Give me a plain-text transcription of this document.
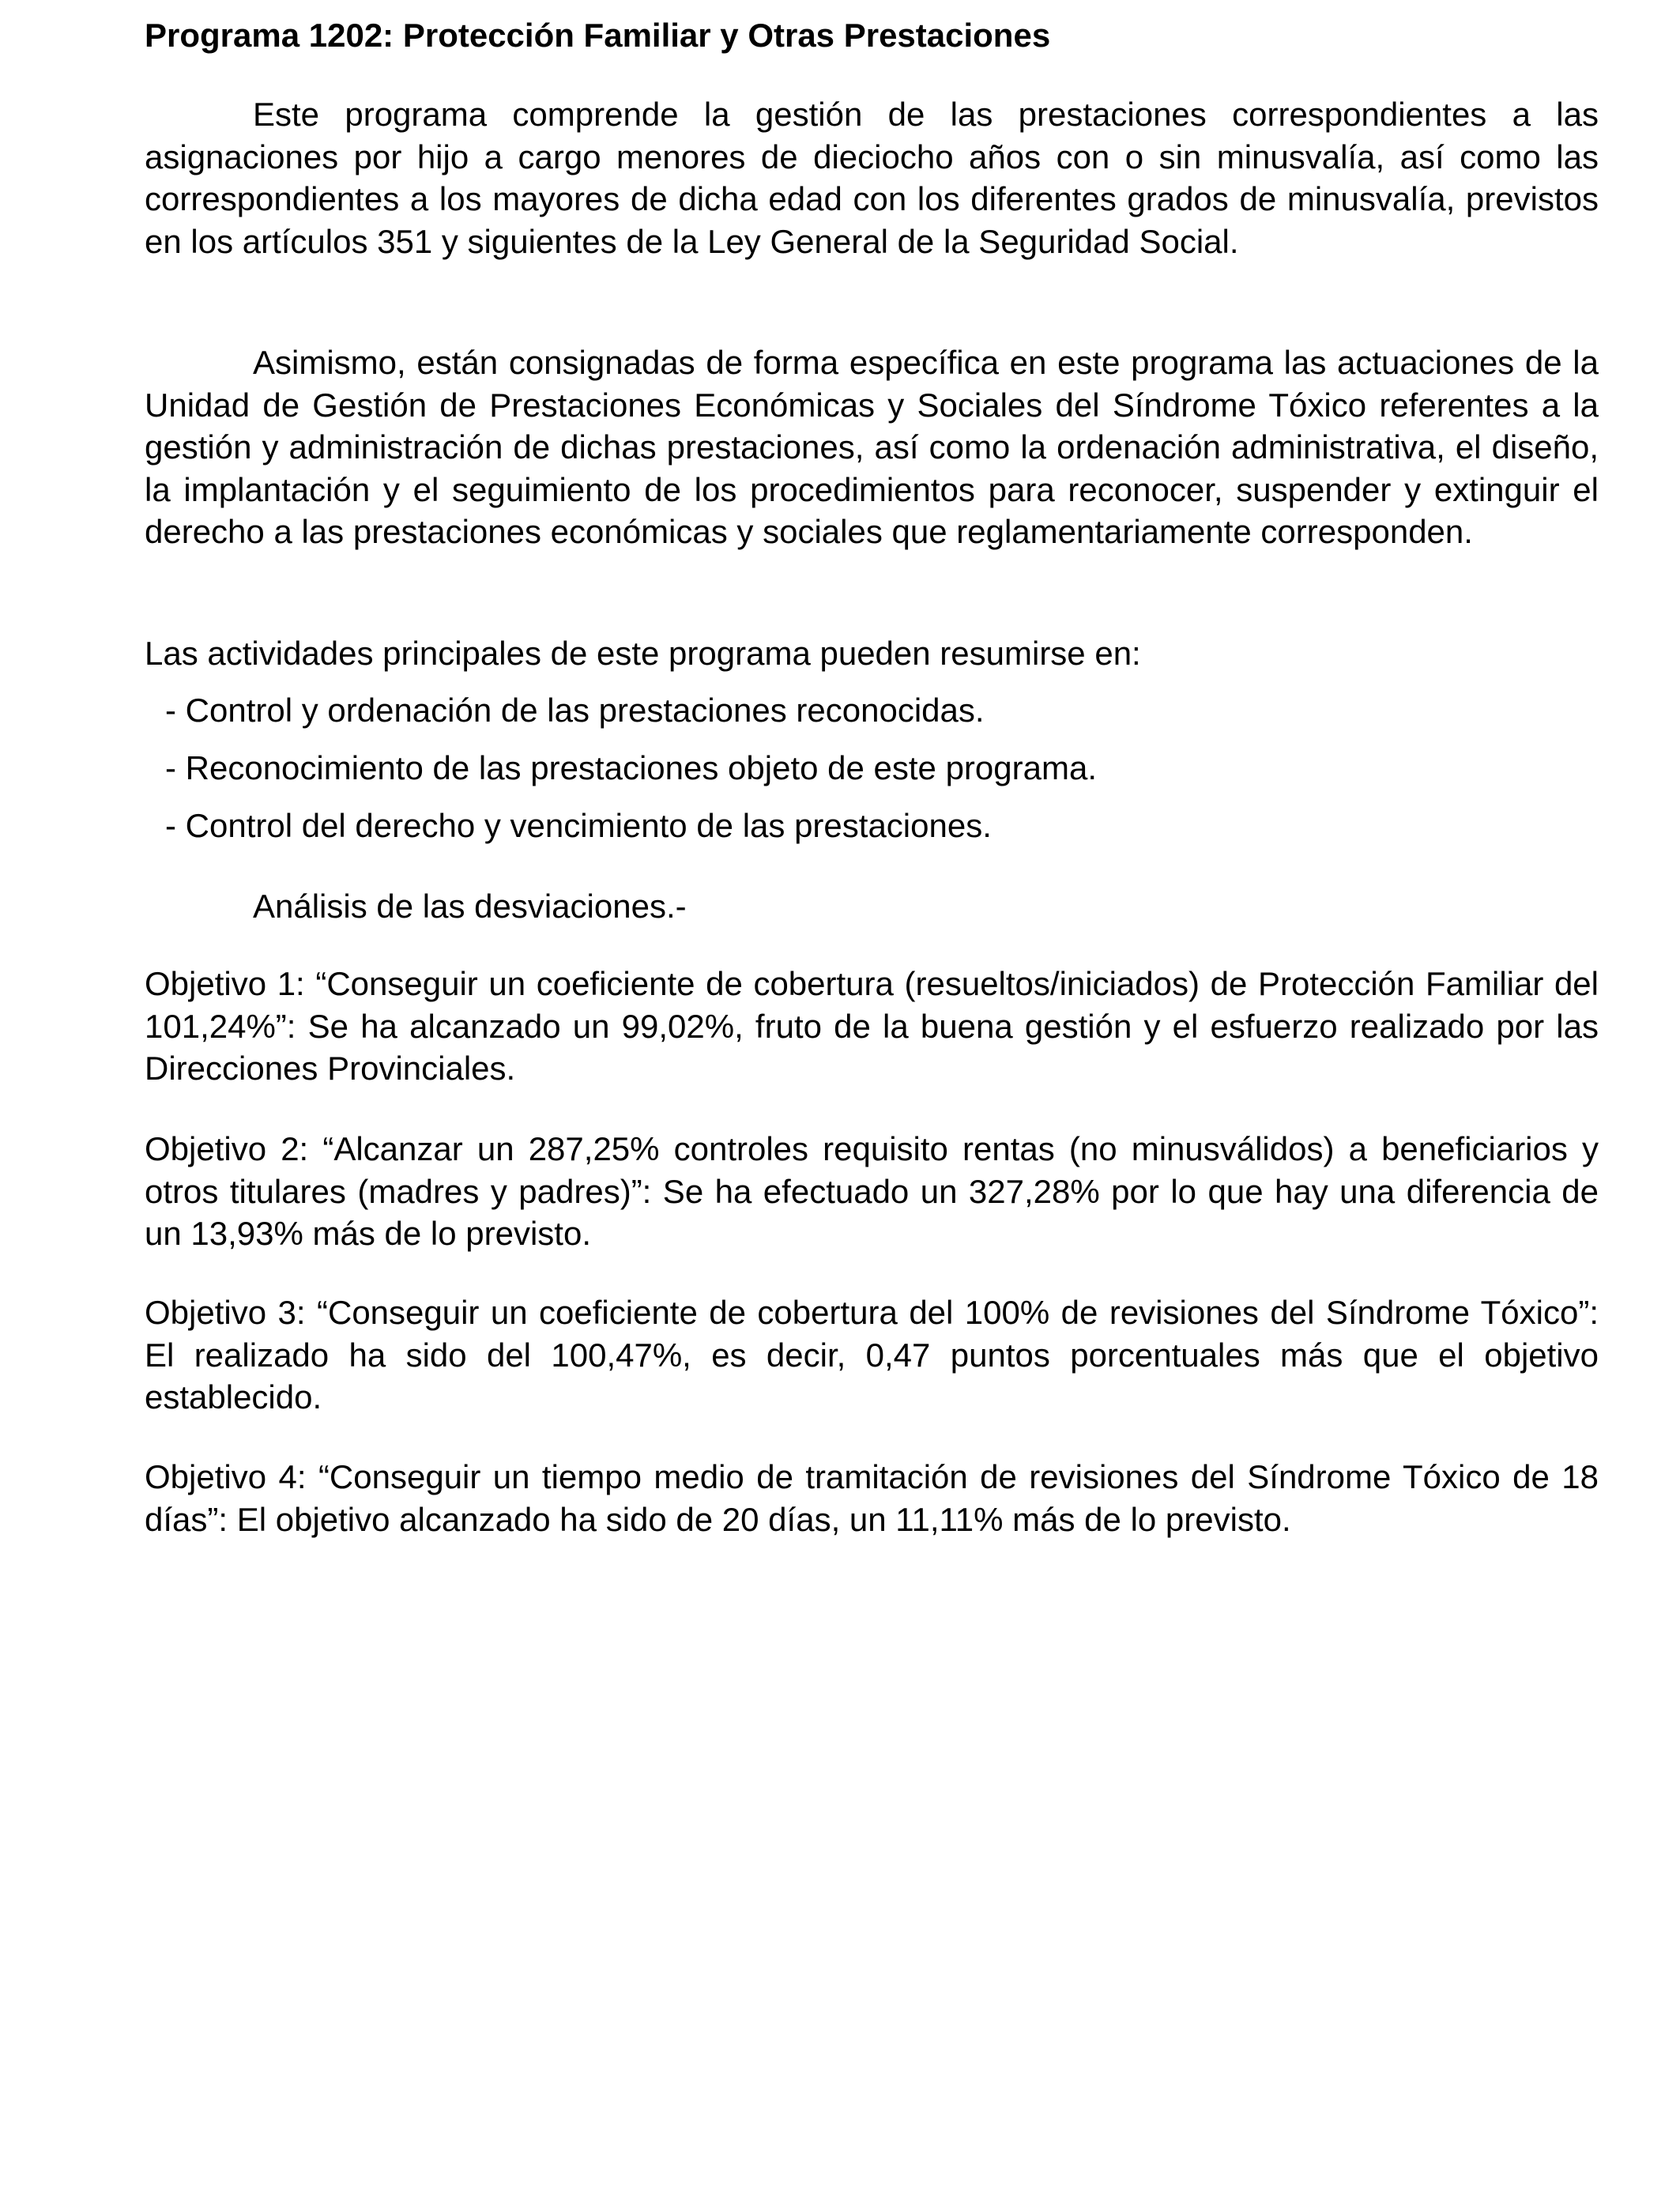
Programa 1202: Protección Familiar y Otras Prestaciones

Este programa comprende la gestión de las prestaciones correspondientes a las asignaciones por hijo a cargo menores de dieciocho años con o sin minusvalía, así como las correspondientes a los mayores de dicha edad con los diferentes grados de minusvalía, previstos en los artículos 351 y siguientes de la Ley General de la Seguridad Social.

Asimismo, están consignadas de forma específica en este programa las actuaciones de la Unidad de Gestión de Prestaciones Económicas y Sociales del Síndrome Tóxico referentes a la gestión y administración de dichas prestaciones, así como la ordenación administrativa, el diseño, la implantación y el seguimiento de los procedimientos para reconocer, suspender y extinguir el derecho a las prestaciones económicas y sociales que reglamentariamente corresponden.

Las actividades principales de este programa pueden resumirse en:

- Control y ordenación de las prestaciones reconocidas.

- Reconocimiento de las prestaciones objeto de este programa.

- Control del derecho y vencimiento de las prestaciones.

Análisis de las desviaciones.-

Objetivo 1: “Conseguir un coeficiente de cobertura (resueltos/iniciados) de Protección Familiar del 101,24%”: Se ha alcanzado un 99,02%, fruto de la buena gestión y el esfuerzo realizado por las Direcciones Provinciales.

Objetivo 2: “Alcanzar un 287,25% controles requisito rentas (no minusválidos) a beneficiarios y otros titulares (madres y padres)”: Se ha efectuado un 327,28% por lo que hay una diferencia de un 13,93% más de lo previsto.

Objetivo 3: “Conseguir un coeficiente de cobertura del 100% de revisiones del Síndrome Tóxico”: El realizado ha sido del 100,47%, es decir, 0,47 puntos porcentuales más que el objetivo establecido.

Objetivo 4: “Conseguir un tiempo medio de tramitación de revisiones del Síndrome Tóxico de 18 días”: El objetivo alcanzado ha sido de 20 días, un 11,11% más de lo previsto.
